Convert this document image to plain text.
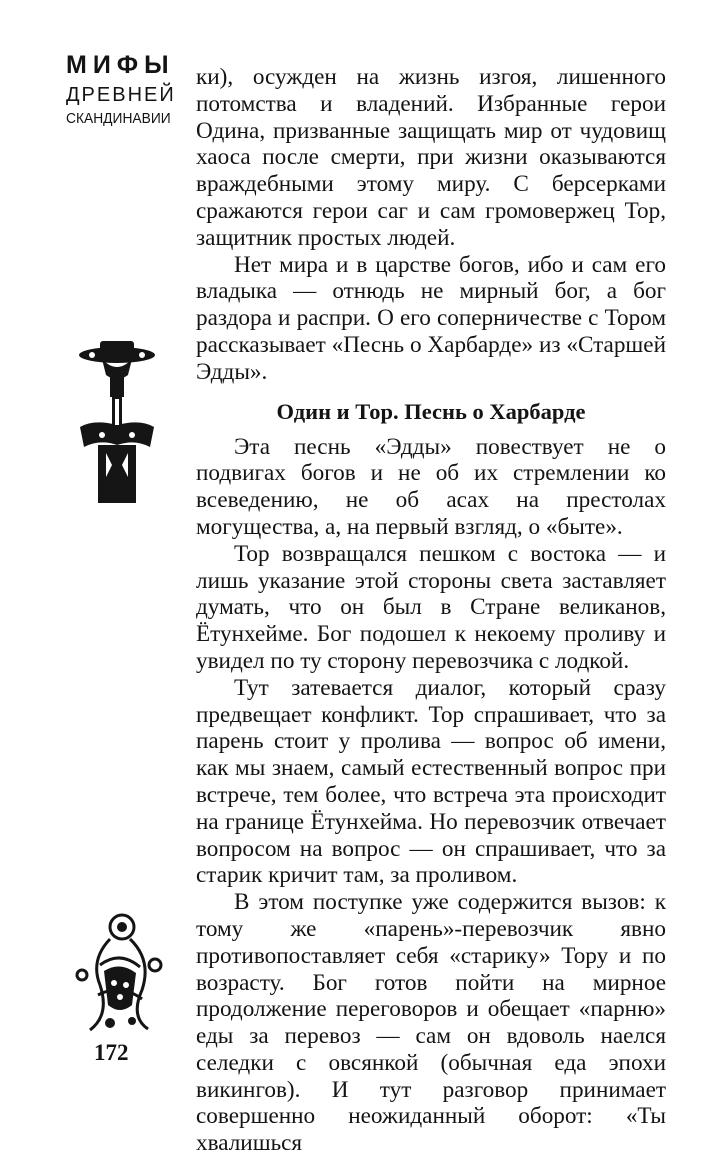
МИФЫ
ДРЕВНЕЙ
СКАНДИНАВИИ

ки), осужден на жизнь изгоя, лишенного потомства и владений. Избранные герои Одина, призванные защищать мир от чудовищ хаоса после смерти, при жизни оказываются враждебными этому миру. С берсерками сражаются герои саг и сам громовержец Тор, защитник простых людей.

Нет мира и в царстве богов, ибо и сам его владыка — отнюдь не мирный бог, а бог раздора и распри. О его соперничестве с Тором рассказывает «Песнь о Харбарде» из «Старшей Эдды».

Один и Тор. Песнь о Харбарде

Эта песнь «Эдды» повествует не о подвигах богов и не об их стремлении ко всеведению, не об асах на престолах могущества, а, на первый взгляд, о «быте».

Тор возвращался пешком с востока — и лишь указание этой стороны света заставляет думать, что он был в Стране великанов, Ётунхейме. Бог подошел к некоему проливу и увидел по ту сторону перевозчика с лодкой.

Тут затевается диалог, который сразу предвещает конфликт. Тор спрашивает, что за парень стоит у пролива — вопрос об имени, как мы знаем, самый естественный вопрос при встрече, тем более, что встреча эта происходит на границе Ётунхейма. Но перевозчик отвечает вопросом на вопрос — он спрашивает, что за старик кричит там, за проливом.

В этом поступке уже содержится вызов: к тому же «парень»-перевозчик явно противопоставляет себя «старику» Тору и по возрасту. Бог готов пойти на мирное продолжение переговоров и обещает «парню» еды за перевоз — сам он вдоволь наелся селедки с овсянкой (обычная еда эпохи викингов). И тут разговор принимает совершенно неожиданный оборот: «Ты хвалишься

172
